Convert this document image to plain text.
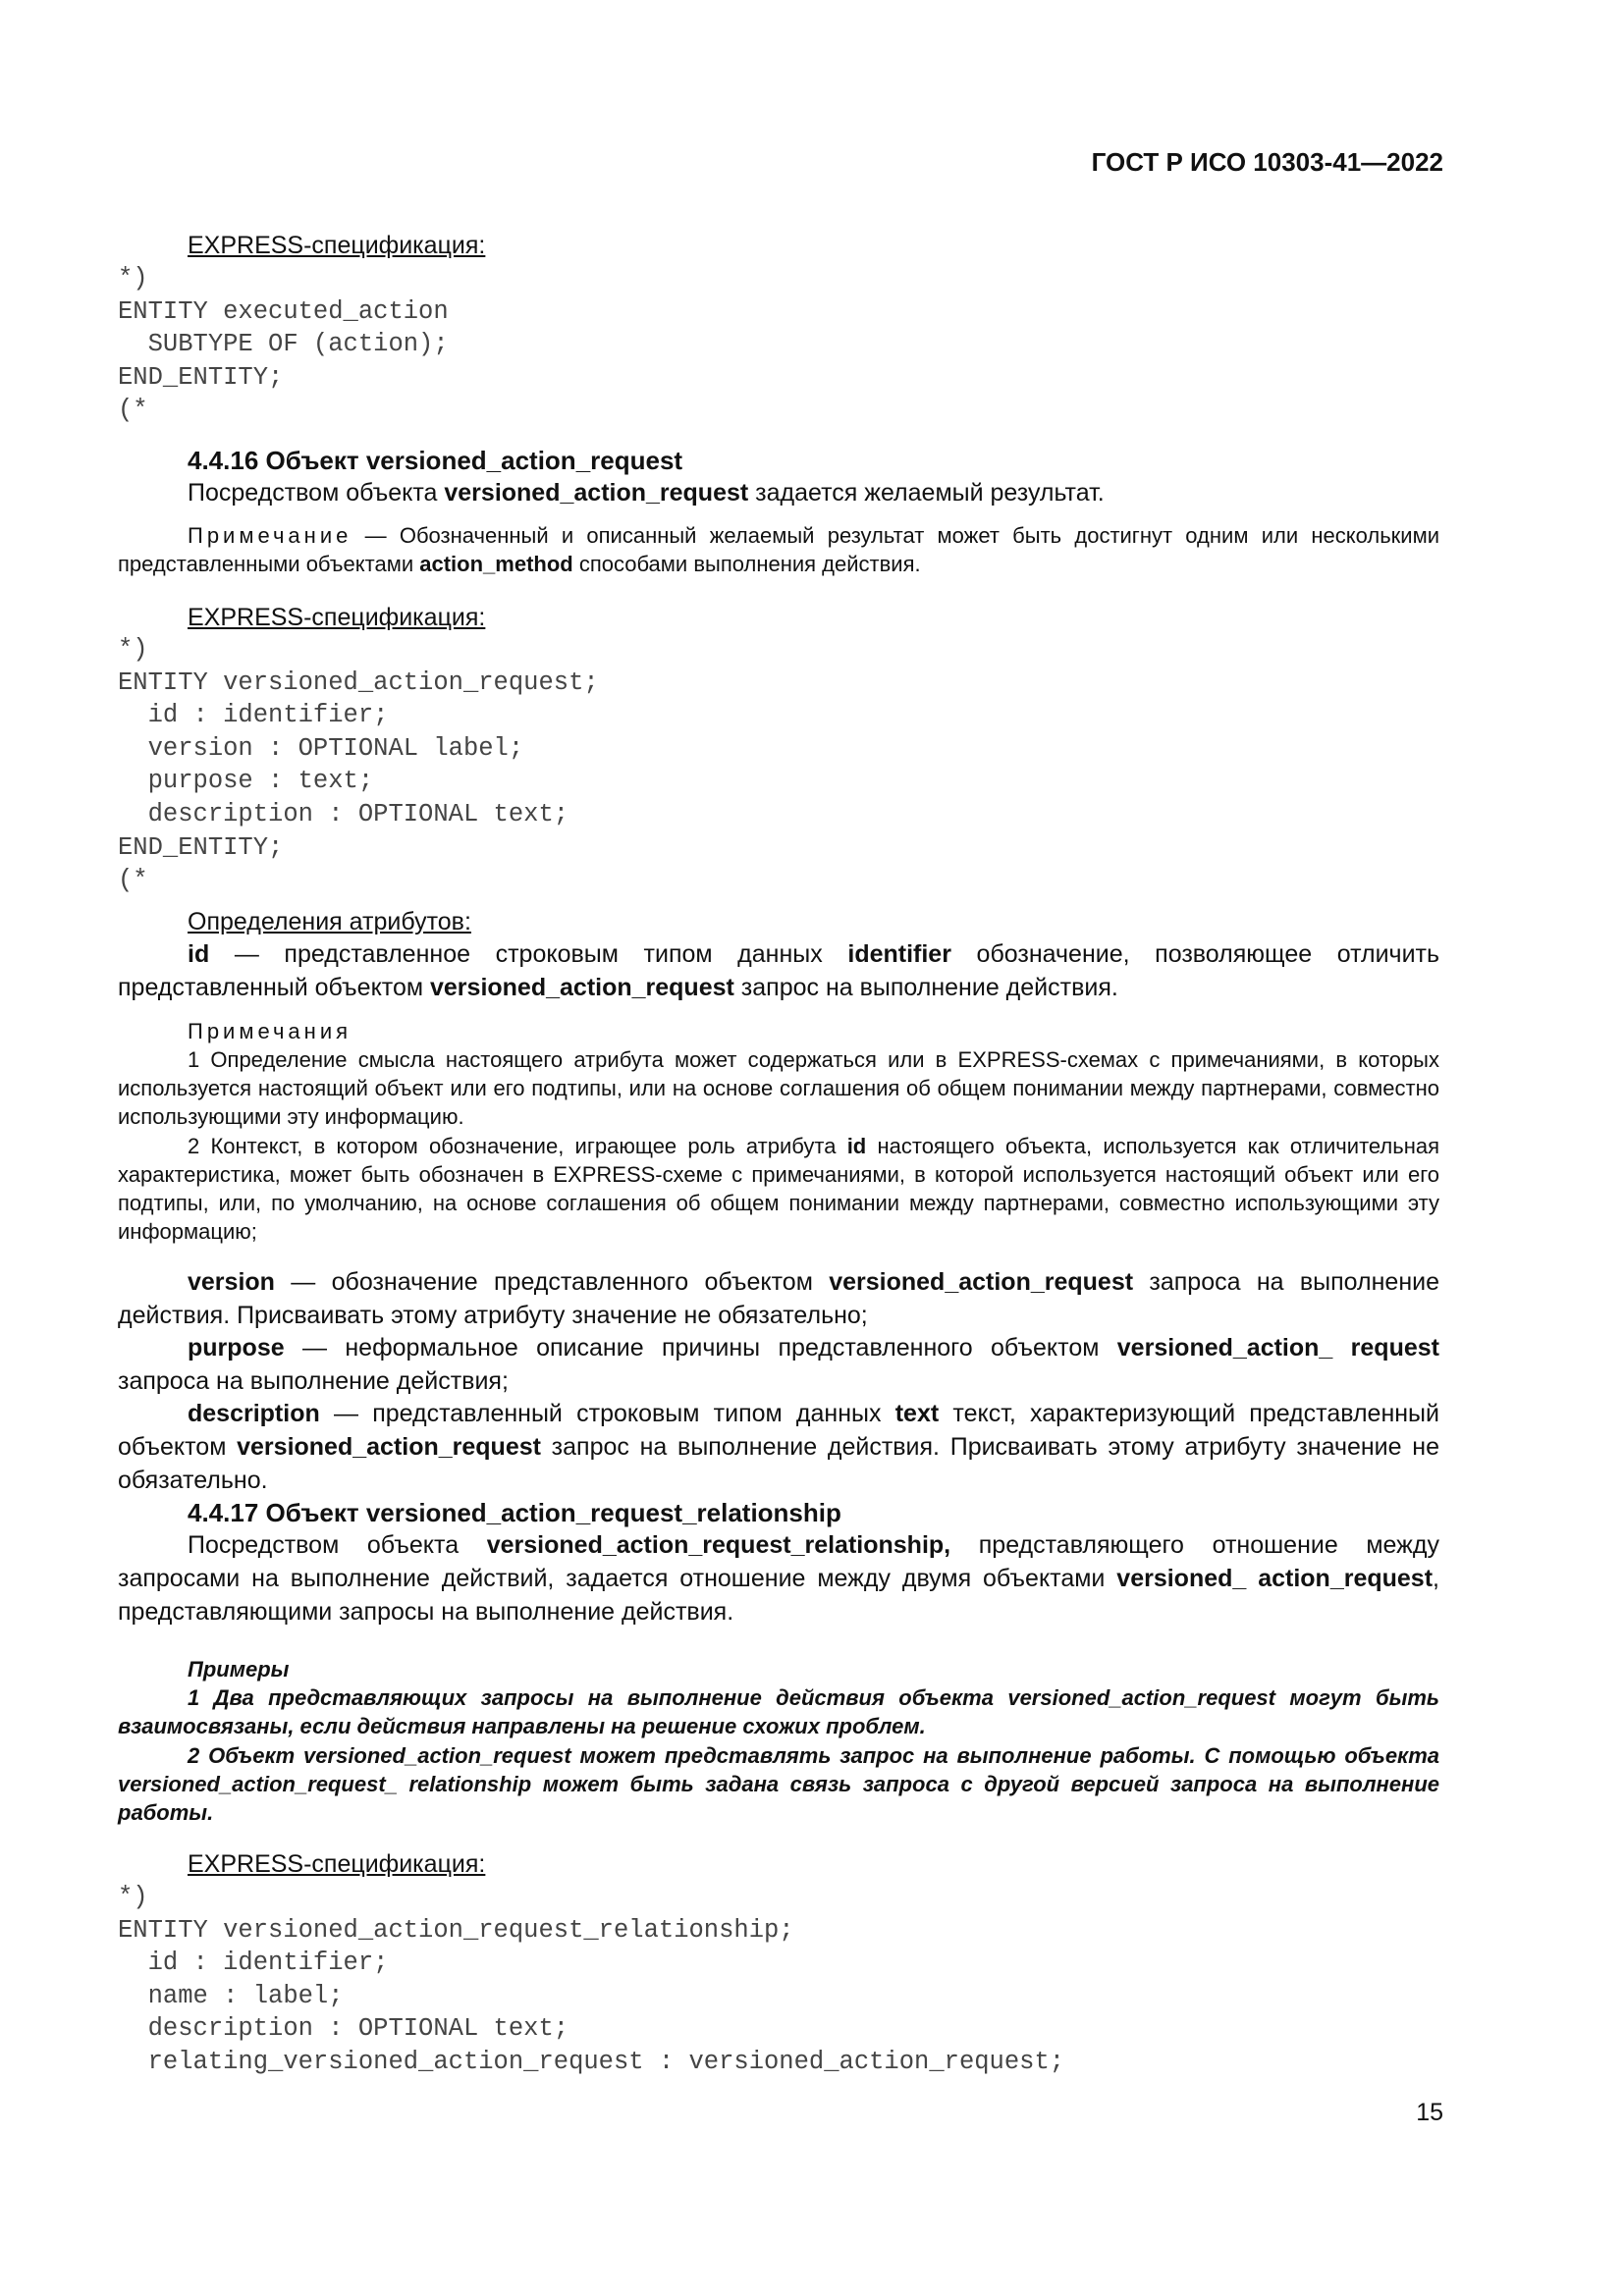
ГОСТ Р ИСО 10303-41—2022
EXPRESS-спецификация:
*)
ENTITY executed_action
SUBTYPE OF (action);
END_ENTITY;
(*
4.4.16 Объект versioned_action_request
Посредством объекта versioned_action_request задается желаемый результат.
Примечание — Обозначенный и описанный желаемый результат может быть достигнут одним или несколькими представленными объектами action_method способами выполнения действия.
EXPRESS-спецификация:
*)
ENTITY versioned_action_request;
id : identifier;
version : OPTIONAL label;
purpose : text;
description : OPTIONAL text;
END_ENTITY;
(*
Определения атрибутов:
id — представленное строковым типом данных identifier обозначение, позволяющее отличить представленный объектом versioned_action_request запрос на выполнение действия.
Примечания
1 Определение смысла настоящего атрибута может содержаться или в EXPRESS-схемах с примечаниями, в которых используется настоящий объект или его подтипы, или на основе соглашения об общем понимании между партнерами, совместно использующими эту информацию.
2 Контекст, в котором обозначение, играющее роль атрибута id настоящего объекта, используется как отличительная характеристика, может быть обозначен в EXPRESS-схеме с примечаниями, в которой используется настоящий объект или его подтипы, или, по умолчанию, на основе соглашения об общем понимании между партнерами, совместно использующими эту информацию;
version — обозначение представленного объектом versioned_action_request запроса на выполнение действия. Присваивать этому атрибуту значение не обязательно;
purpose — неформальное описание причины представленного объектом versioned_action_ request запроса на выполнение действия;
description — представленный строковым типом данных text текст, характеризующий представленный объектом versioned_action_request запрос на выполнение действия. Присваивать этому атрибуту значение не обязательно.
4.4.17 Объект versioned_action_request_relationship
Посредством объекта versioned_action_request_relationship, представляющего отношение между запросами на выполнение действий, задается отношение между двумя объектами versioned_ action_request, представляющими запросы на выполнение действия.
Примеры
1 Два представляющих запросы на выполнение действия объекта versioned_action_request могут быть взаимосвязаны, если действия направлены на решение схожих проблем.
2 Объект versioned_action_request может представлять запрос на выполнение работы. С помощью объекта versioned_action_request_ relationship может быть задана связь запроса с другой версией запроса на выполнение работы.
EXPRESS-спецификация:
*)
ENTITY versioned_action_request_relationship;
id : identifier;
name : label;
description : OPTIONAL text;
relating_versioned_action_request : versioned_action_request;
15
